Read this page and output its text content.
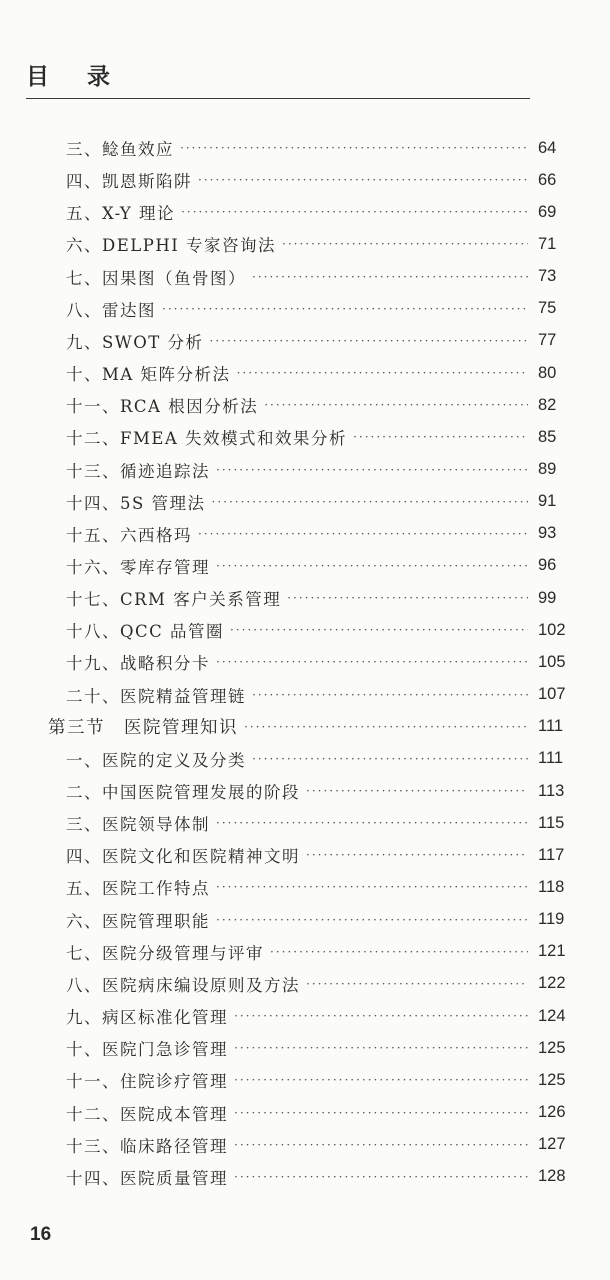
目录
三、鲶鱼效应 ·····	64
四、凯恩斯陷阱 ·····	66
五、X-Y 理论 ·····	69
六、DELPHI 专家咨询法 ·····	71
七、因果图（鱼骨图） ·····	73
八、雷达图 ·····	75
九、SWOT 分析 ·····	77
十、MA 矩阵分析法 ·····	80
十一、RCA 根因分析法 ·····	82
十二、FMEA 失效模式和效果分析 ·····	85
十三、循迹追踪法 ·····	89
十四、5S 管理法 ·····	91
十五、六西格玛 ·····	93
十六、零库存管理 ·····	96
十七、CRM 客户关系管理 ·····	99
十八、QCC 品管圈 ·····	102
十九、战略积分卡 ·····	105
二十、医院精益管理链 ·····	107
第三节　医院管理知识 ·····	111
一、医院的定义及分类 ·····	111
二、中国医院管理发展的阶段 ·····	113
三、医院领导体制 ·····	115
四、医院文化和医院精神文明 ·····	117
五、医院工作特点 ·····	118
六、医院管理职能 ·····	119
七、医院分级管理与评审 ·····	121
八、医院病床编设原则及方法 ·····	122
九、病区标准化管理 ·····	124
十、医院门急诊管理 ·····	125
十一、住院诊疗管理 ·····	125
十二、医院成本管理 ·····	126
十三、临床路径管理 ·····	127
十四、医院质量管理 ·····	128
16
